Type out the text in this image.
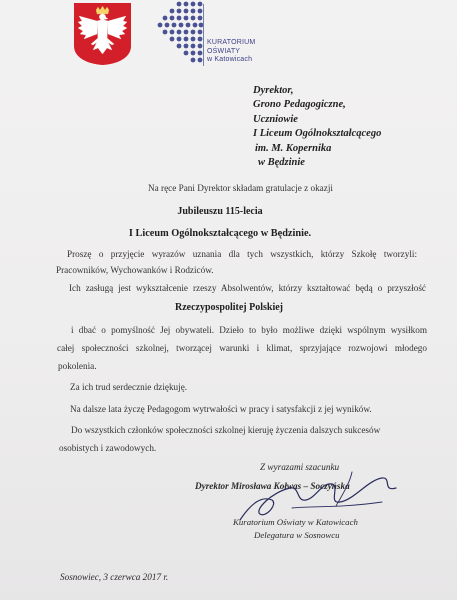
KURATORIUM
OŚWIATY
w Katowicach
Dyrektor,
Grono Pedagogiczne,
Uczniowie
I Liceum Ogólnokształcącego
im. M. Kopernika
w Będzinie
Na ręce Pani Dyrektor składam gratulacje z okazji
Jubileuszu 115-lecia
I Liceum Ogólnokształcącego w Będzinie.
Proszę o przyjęcie wyrazów uznania dla tych wszystkich, którzy Szkołę tworzyli:
Pracowników, Wychowanków i Rodziców.
Ich zasługą jest wykształcenie rzeszy Absolwentów, którzy kształtować będą o przyszłość
Rzeczypospolitej Polskiej
i dbać o pomyślność Jej obywateli. Dzieło to było możliwe dzięki wspólnym wysiłkom
całej społeczności szkolnej, tworzącej warunki i klimat, sprzyjające rozwojowi młodego
pokolenia.
Za ich trud serdecznie dziękuję.
Na dalsze lata życzę Pedagogom wytrwałości w pracy i satysfakcji z jej wyników.
Do wszystkich członków społeczności szkolnej kieruję życzenia dalszych sukcesów
osobistych i zawodowych.
Z wyrazami szacunku
Dyrektor Mirosława Kołwas – Soczyńska
Kuratorium Oświaty w Katowicach
Delegatura w Sosnowcu
Sosnowiec, 3 czerwca 2017 r.
